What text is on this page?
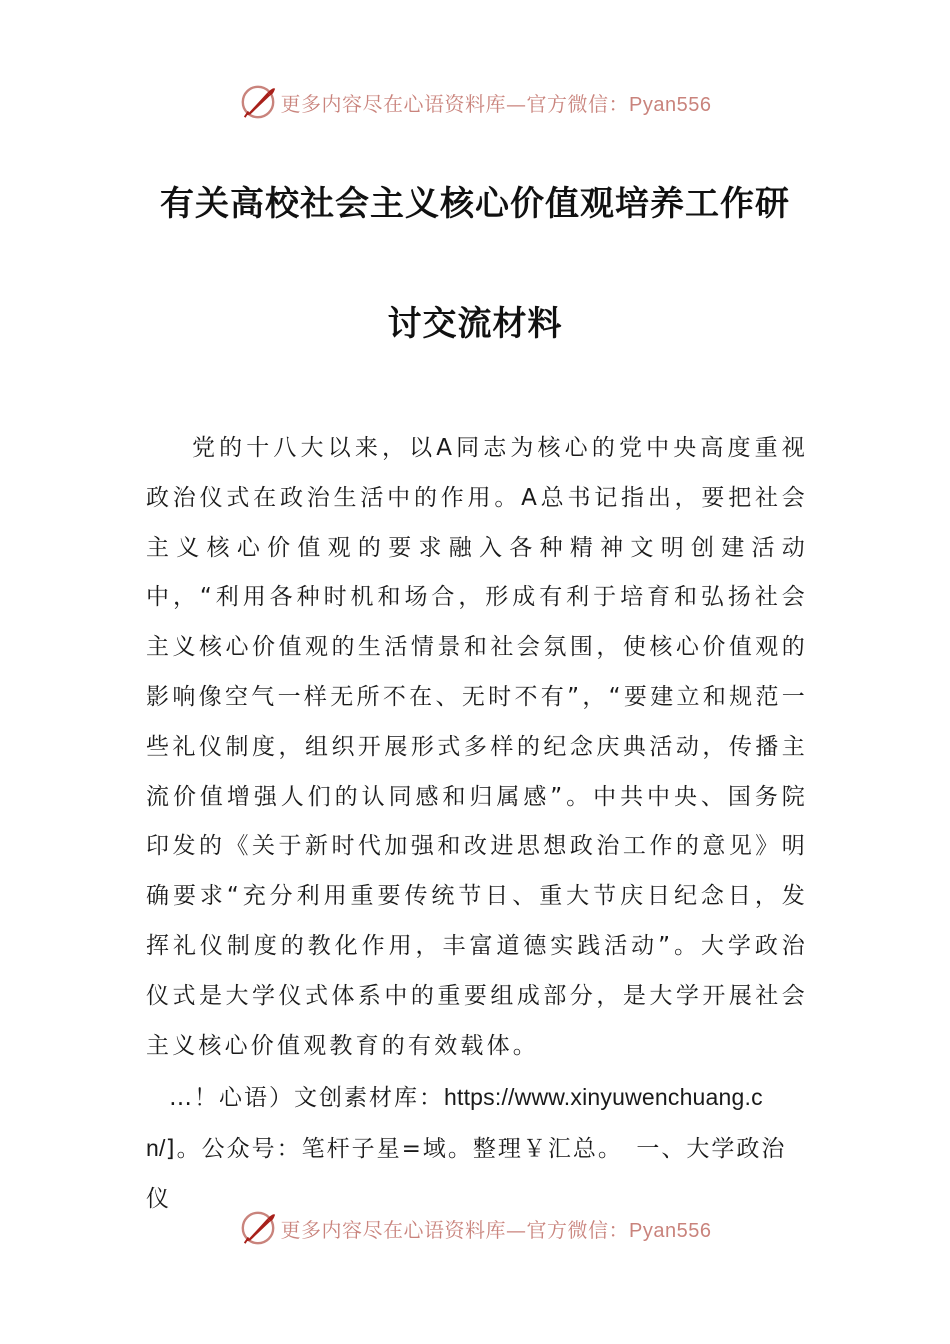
更多内容尽在心语资料库—官方微信：Pyan556
有关高校社会主义核心价值观培养工作研
讨交流材料

党的十八大以来，以A同志为核心的党中央高度重视政治仪式在政治生活中的作用。A总书记指出，要把社会主义核心价值观的要求融入各种精神文明创建活动中，“利用各种时机和场合，形成有利于培育和弘扬社会主义核心价值观的生活情景和社会氛围，使核心价值观的影响像空气一样无所不在、无时不有”，“要建立和规范一些礼仪制度，组织开展形式多样的纪念庆典活动，传播主流价值增强人们的认同感和归属感”。中共中央、国务院印发的《关于新时代加强和改进思想政治工作的意见》明确要求“充分利用重要传统节日、重大节庆日纪念日，发挥礼仪制度的教化作用，丰富道德实践活动”。大学政治仪式是大学仪式体系中的重要组成部分，是大学开展社会主义核心价值观教育的有效载体。

…！心语）文创素材库：https://www.xinyuwenchuang.cn/]。公众号：笔杆子星=域。整理￥汇总。　一、大学政治仪

更多内容尽在心语资料库—官方微信：Pyan556
